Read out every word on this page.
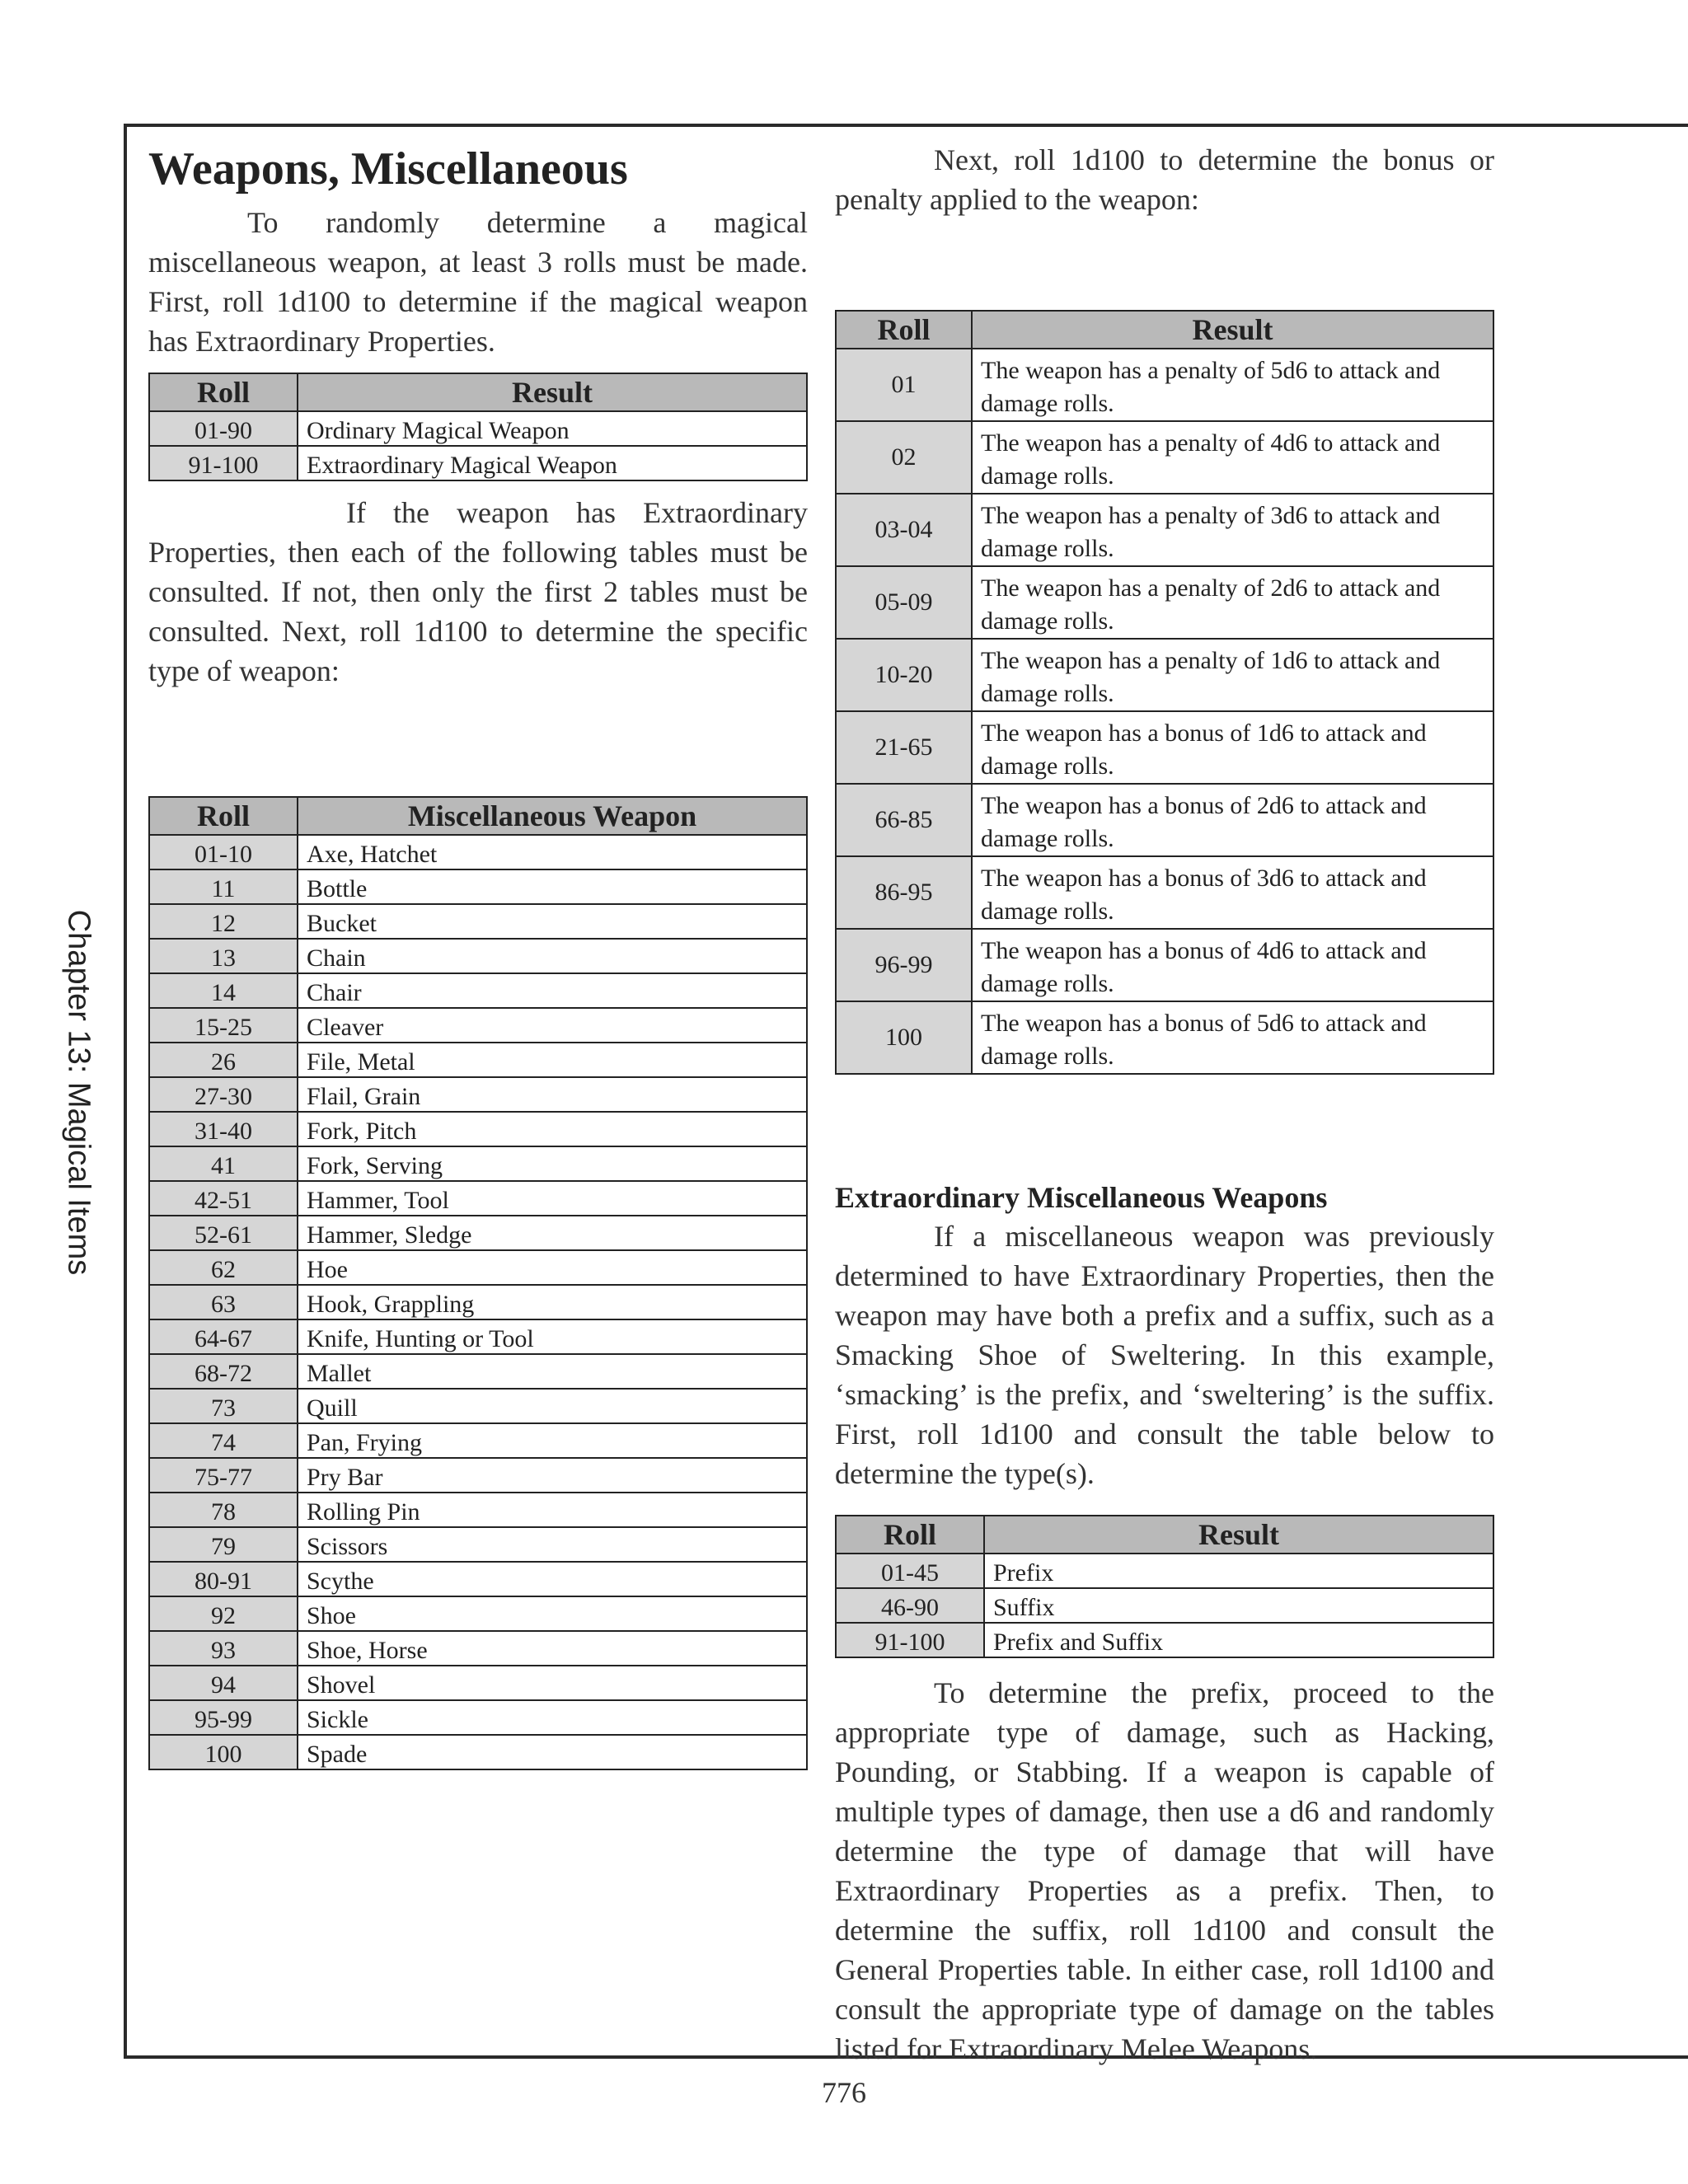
Chapter 13: Magical Items
Weapons, Miscellaneous

To randomly determine a magical miscellaneous weapon, at least 3 rolls must be made. First, roll 1d100 to determine if the magical weapon has Extraordinary Properties.

Roll	Result
01-90	Ordinary Magical Weapon
91-100	Extraordinary Magical Weapon

If the weapon has Extraordinary Properties, then each of the following tables must be consulted. If not, then only the first 2 tables must be consulted. Next, roll 1d100 to determine the specific type of weapon:

Roll	Miscellaneous Weapon
01-10	Axe, Hatchet
11	Bottle
12	Bucket
13	Chain
14	Chair
15-25	Cleaver
26	File, Metal
27-30	Flail, Grain
31-40	Fork, Pitch
41	Fork, Serving
42-51	Hammer, Tool
52-61	Hammer, Sledge
62	Hoe
63	Hook, Grappling
64-67	Knife, Hunting or Tool
68-72	Mallet
73	Quill
74	Pan, Frying
75-77	Pry Bar
78	Rolling Pin
79	Scissors
80-91	Scythe
92	Shoe
93	Shoe, Horse
94	Shovel
95-99	Sickle
100	Spade

Next, roll 1d100 to determine the bonus or penalty applied to the weapon:

Roll	Result
01	The weapon has a penalty of 5d6 to attack and damage rolls.
02	The weapon has a penalty of 4d6 to attack and damage rolls.
03-04	The weapon has a penalty of 3d6 to attack and damage rolls.
05-09	The weapon has a penalty of 2d6 to attack and damage rolls.
10-20	The weapon has a penalty of 1d6 to attack and damage rolls.
21-65	The weapon has a bonus of 1d6 to attack and damage rolls.
66-85	The weapon has a bonus of 2d6 to attack and damage rolls.
86-95	The weapon has a bonus of 3d6 to attack and damage rolls.
96-99	The weapon has a bonus of 4d6 to attack and damage rolls.
100	The weapon has a bonus of 5d6 to attack and damage rolls.
Extraordinary Miscellaneous Weapons

If a miscellaneous weapon was previously determined to have Extraordinary Properties, then the weapon may have both a prefix and a suffix, such as a Smacking Shoe of Sweltering. In this example, ‘smacking’ is the prefix, and ‘sweltering’ is the suffix. First, roll 1d100 and consult the table below to determine the type(s).

Roll	Result
01-45	Prefix
46-90	Suffix
91-100	Prefix and Suffix

To determine the prefix, proceed to the appropriate type of damage, such as Hacking, Pounding, or Stabbing. If a weapon is capable of multiple types of damage, then use a d6 and randomly determine the type of damage that will have Extraordinary Properties as a prefix. Then, to determine the suffix, roll 1d100 and consult the General Properties table. In either case, roll 1d100 and consult the appropriate type of damage on the tables listed for Extraordinary Melee Weapons.

776
